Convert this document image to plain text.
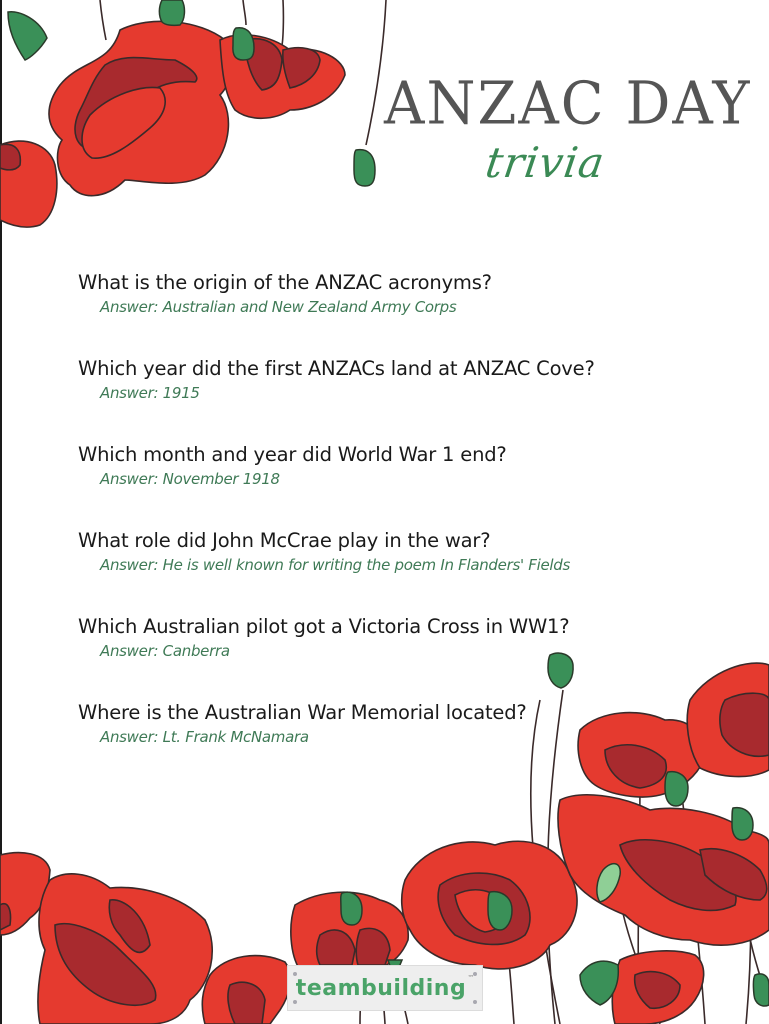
ANZAC DAY
trivia
What is the origin of the ANZAC acronyms?
Answer: Australian and New Zealand Army Corps
Which year did the first ANZACs land at ANZAC Cove?
Answer: 1915
Which month and year did World War 1 end?
Answer: November 1918
What role did John McCrae play in the war?
Answer: He is well known for writing the poem In Flanders' Fields
Which Australian pilot got a Victoria Cross in WW1?
Answer: Canberra
Where is the Australian War Memorial located?
Answer: Lt. Frank McNamara
teambuilding ™
